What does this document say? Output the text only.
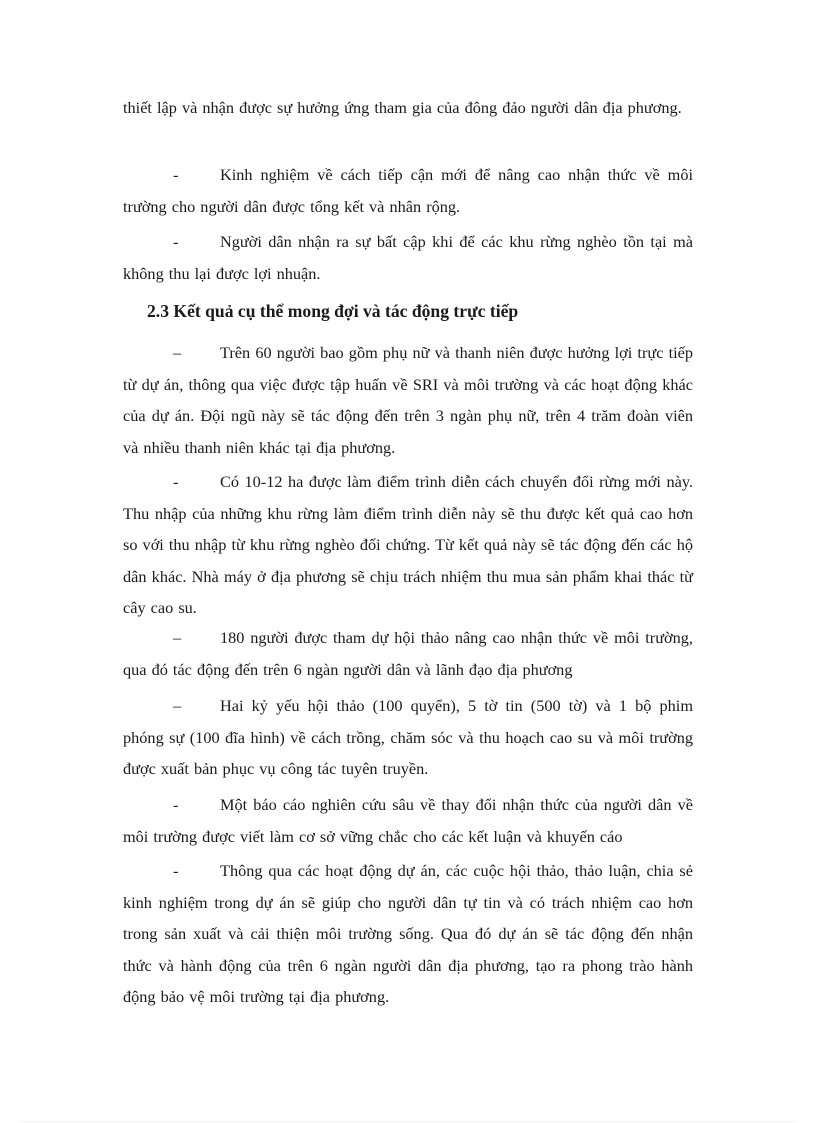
thiết lập và nhận được sự hưởng ứng tham gia của đông đảo người dân địa phương.

-	Kinh nghiệm về cách tiếp cận mới để nâng cao nhận thức về môi trường cho người dân được tổng kết và nhân rộng.

-	Người dân nhận ra sự bất cập khi để các khu rừng nghèo tồn tại mà không thu lại được lợi nhuận.

2.3 Kết quả cụ thể mong đợi và tác động trực tiếp

– Trên 60 người bao gồm phụ nữ và thanh niên được hưởng lợi trực tiếp từ dự án, thông qua việc được tập huấn về SRI và môi trường và các hoạt động khác của dự án. Đội ngũ này sẽ tác động đến trên 3 ngàn phụ nữ, trên 4 trăm đoàn viên và nhiều thanh niên khác tại địa phương.

-	Có 10-12 ha được làm điểm trình diễn cách chuyển đổi rừng mới này. Thu nhập của những khu rừng làm điểm trình diễn này sẽ thu được kết quả cao hơn so với thu nhập từ khu rừng nghèo đối chứng. Từ kết quả này sẽ tác động đến các hộ dân khác. Nhà máy ở địa phương sẽ chịu trách nhiệm thu mua sản phẩm khai thác từ cây cao su.

– 180 người được tham dự hội thảo nâng cao nhận thức về môi trường, qua đó tác động đến trên 6 ngàn người dân và lãnh đạo địa phương

– Hai kỷ yếu hội thảo (100 quyển), 5 tờ tin (500 tờ) và 1 bộ phim phóng sự (100 đĩa hình) về cách trồng, chăm sóc và thu hoạch cao su và môi trường được xuất bản phục vụ công tác tuyên truyền.

-	Một báo cáo nghiên cứu sâu về thay đổi nhận thức của người dân về môi trường được viết làm cơ sở vững chắc cho các kết luận và khuyến cáo

-	Thông qua các hoạt động dự án, các cuộc hội thảo, thảo luận, chia sẻ kinh nghiệm trong dự án sẽ giúp cho người dân tự tin và có trách nhiệm cao hơn trong sản xuất và cải thiện môi trường sống. Qua đó dự án sẽ tác động đến nhận thức và hành động của trên 6 ngàn người dân địa phương, tạo ra phong trào hành động bảo vệ môi trường tại địa phương.
